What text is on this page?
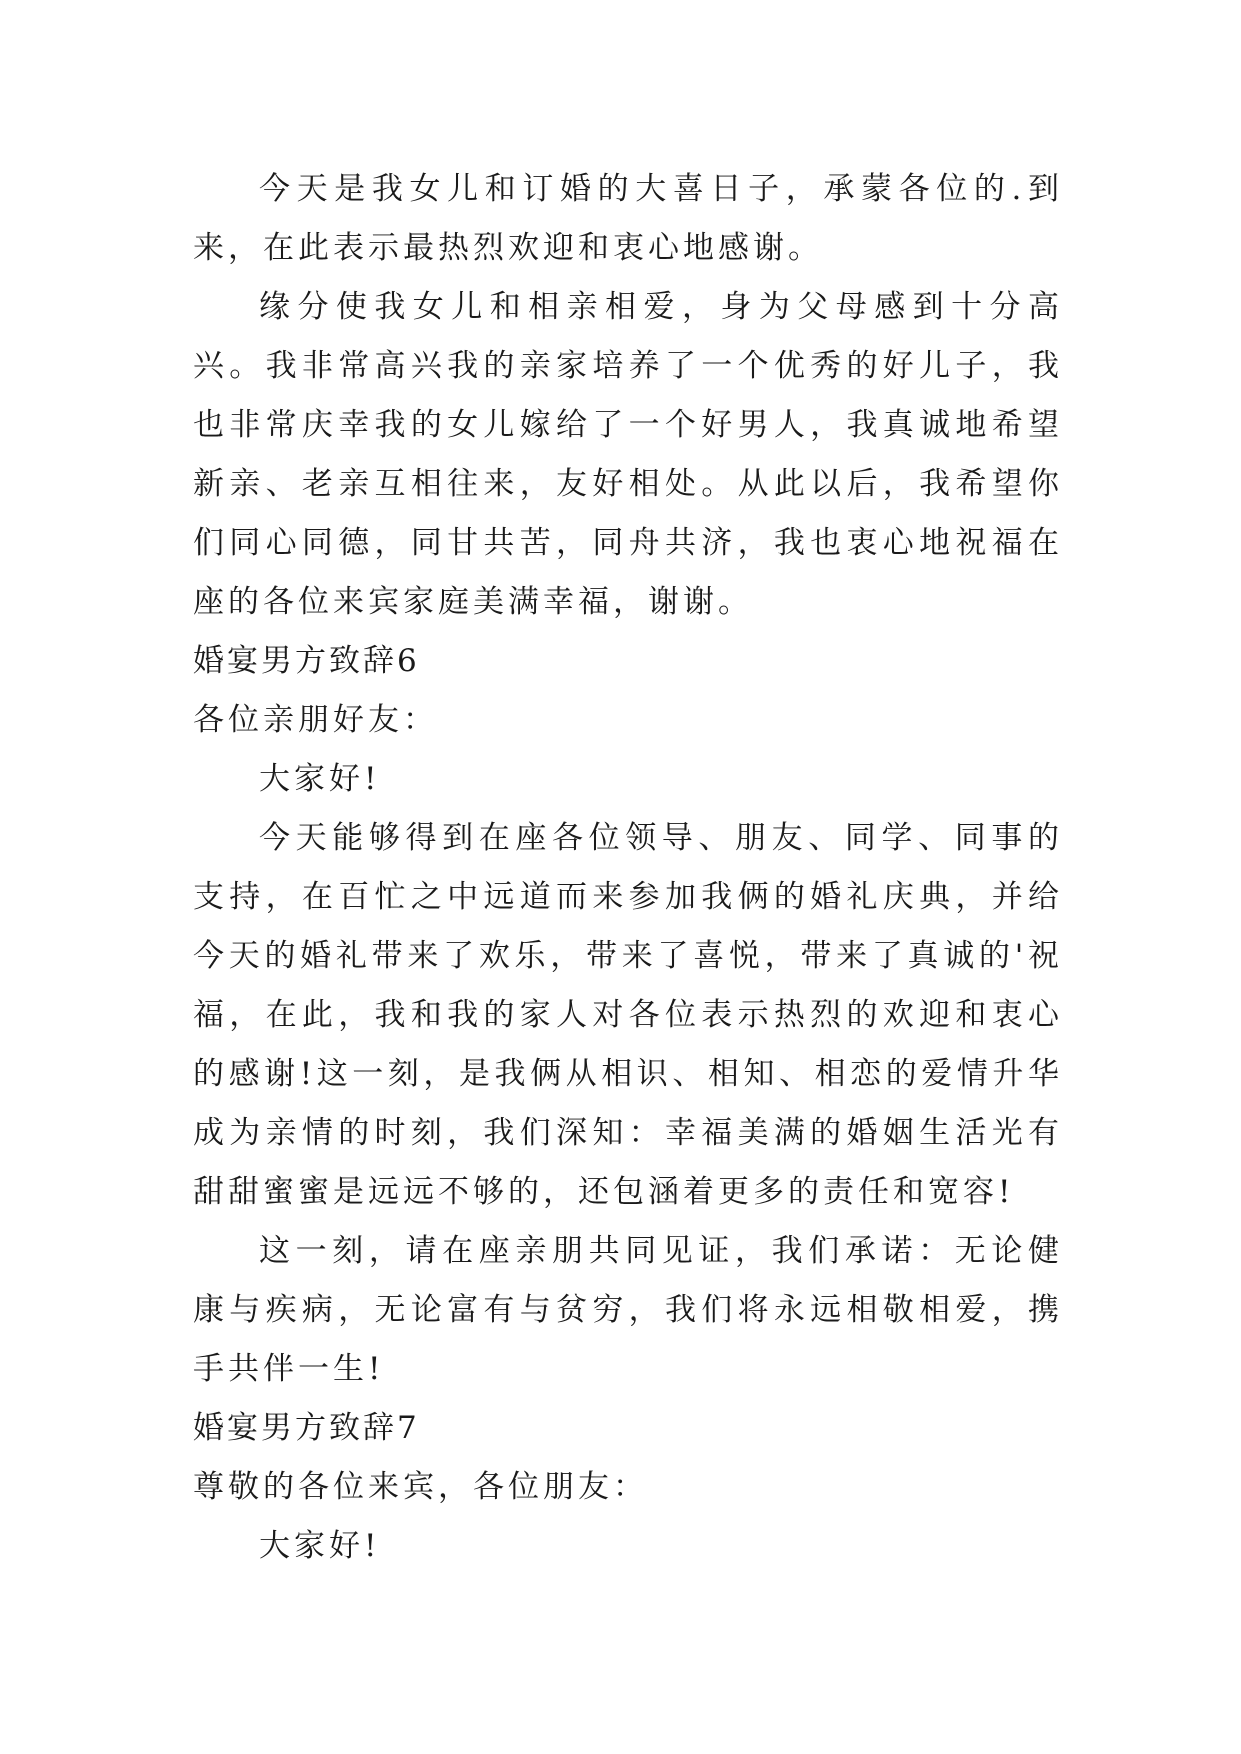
今天是我女儿和订婚的大喜日子，承蒙各位的.到来，在此表示最热烈欢迎和衷心地感谢。

缘分使我女儿和相亲相爱，身为父母感到十分高兴。我非常高兴我的亲家培养了一个优秀的好儿子，我也非常庆幸我的女儿嫁给了一个好男人，我真诚地希望新亲、老亲互相往来，友好相处。从此以后，我希望你们同心同德，同甘共苦，同舟共济，我也衷心地祝福在座的各位来宾家庭美满幸福，谢谢。

婚宴男方致辞6

各位亲朋好友：

大家好!

今天能够得到在座各位领导、朋友、同学、同事的支持，在百忙之中远道而来参加我俩的婚礼庆典，并给今天的婚礼带来了欢乐，带来了喜悦，带来了真诚的'祝福，在此，我和我的家人对各位表示热烈的欢迎和衷心的感谢!这一刻，是我俩从相识、相知、相恋的爱情升华成为亲情的时刻，我们深知：幸福美满的婚姻生活光有甜甜蜜蜜是远远不够的，还包涵着更多的责任和宽容!

这一刻，请在座亲朋共同见证，我们承诺：无论健康与疾病，无论富有与贫穷，我们将永远相敬相爱，携手共伴一生!

婚宴男方致辞7

尊敬的各位来宾，各位朋友：

大家好!
